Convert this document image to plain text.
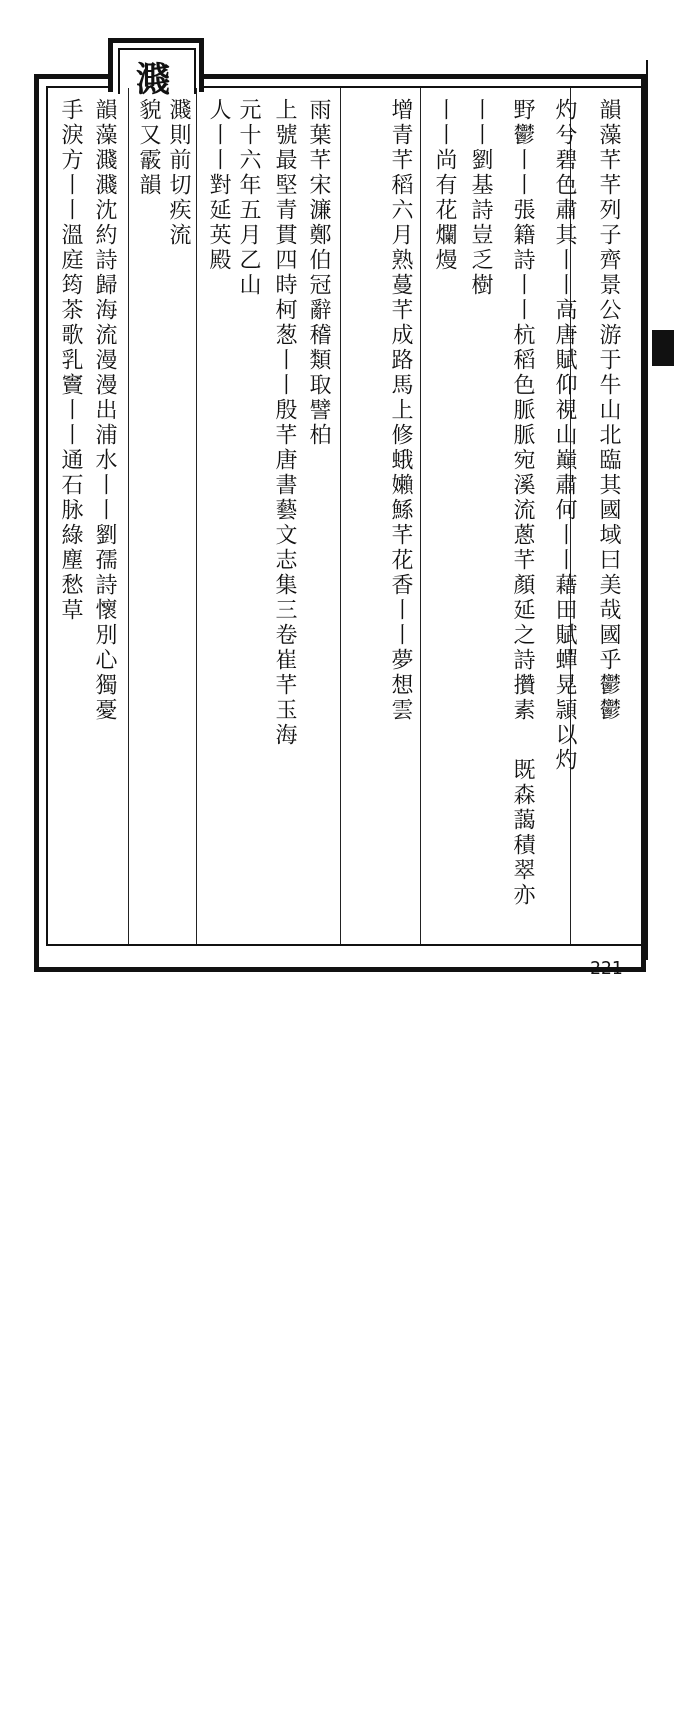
濺
韻藻芊芊列子齊景公游于牛山北臨其國域曰美哉國乎鬱鬱
灼兮碧色肅其丨丨高唐賦仰視山巔肅何丨丨藉田賦蟬晃頴以灼
野鬱丨丨張籍詩丨丨杭稻色脈脈宛溪流蔥芊顏延之詩攢素
既森藹積翠亦
丨丨劉基詩豈乏樹
丨丨尚有花爛熳
增青芊稻六月熟蔓芊成路馬上修蛾嬾鯀芊花香丨丨夢想雲
雨葉芊宋濂鄭伯冠辭稽類取譬柏
上號最堅青貫四時柯葱丨丨殷芊唐書藝文志集三卷崔芊玉海
元十六年五月乙山
人丨丨對延英殿
濺則前切疾流
貌又霰韻
韻藻濺濺沈約詩歸海流漫漫出浦水丨丨劉孺詩懷別心獨憂
手淚方丨丨溫庭筠茶歌乳竇丨丨通石脉綠塵愁草
221
